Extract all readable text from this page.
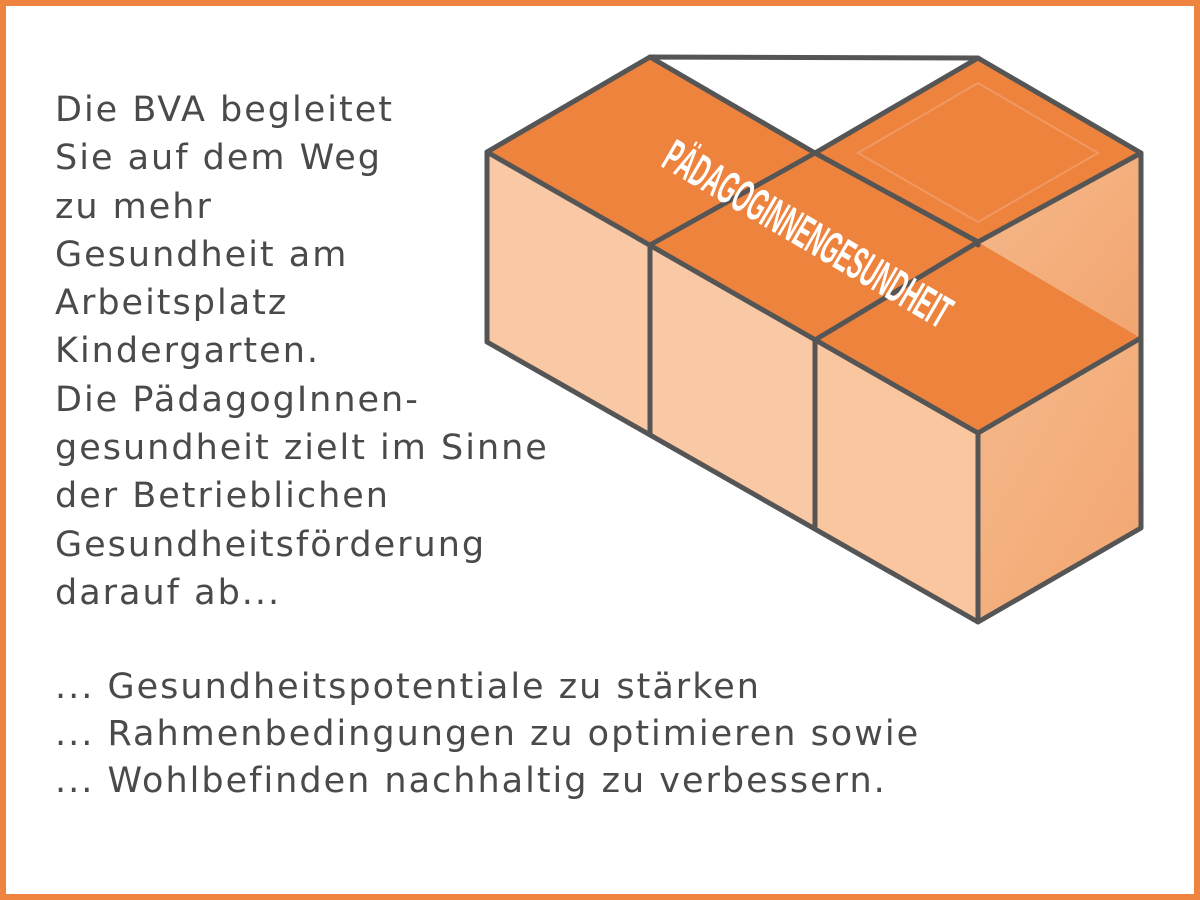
Die BVA begleitet
Sie auf dem Weg
zu mehr
Gesundheit am
Arbeitsplatz
Kindergarten.
Die PädagogInnen-
gesundheit zielt im Sinne
der Betrieblichen
Gesundheitsförderung
darauf ab...
PÄDAGOGINNENGESUNDHEIT
... Gesundheitspotentiale zu stärken
... Rahmenbedingungen zu optimieren sowie
... Wohlbefinden nachhaltig zu verbessern.
